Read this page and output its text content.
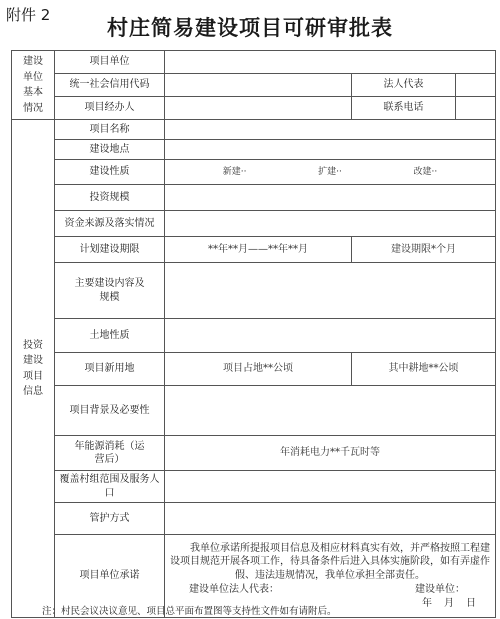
附件 2	村庄简易建设项目可研审批表
建设单位基本情况	项目单位			
	统一社会信用代码		法人代表	
	项目经办人		联系电话	

投资建设项目信息	项目名称			
	建设地点			
	建设性质	新建·· 扩建·· 改建··		

	投资规模			
	资金来源及落实情况			
	计划建设期限	**年**月——**年**月	建设期限*个月	

	主要建设内容及规模			

	土地性质			
	项目新用地	项目占地**公顷	其中耕地**公顷	
	项目背景及必要性			

	年能源消耗（运营后）	年消耗电力**千瓦时等		

	覆盖村组范围及服务人口			

	管护方式			
	项目单位承诺	我单位承诺所提报项目信息及相应材料真实有效，并严格按照工程建设项目规范开展各项工作，待具备条件后进入具体实施阶段，如有弄虚作假、违法违规情况，我单位承担全部责任。

建设单位法人代表： 建设单位：
年　月　日		
注：村民会议决议意见、项目总平面布置图等支持性文件如有请附后。
